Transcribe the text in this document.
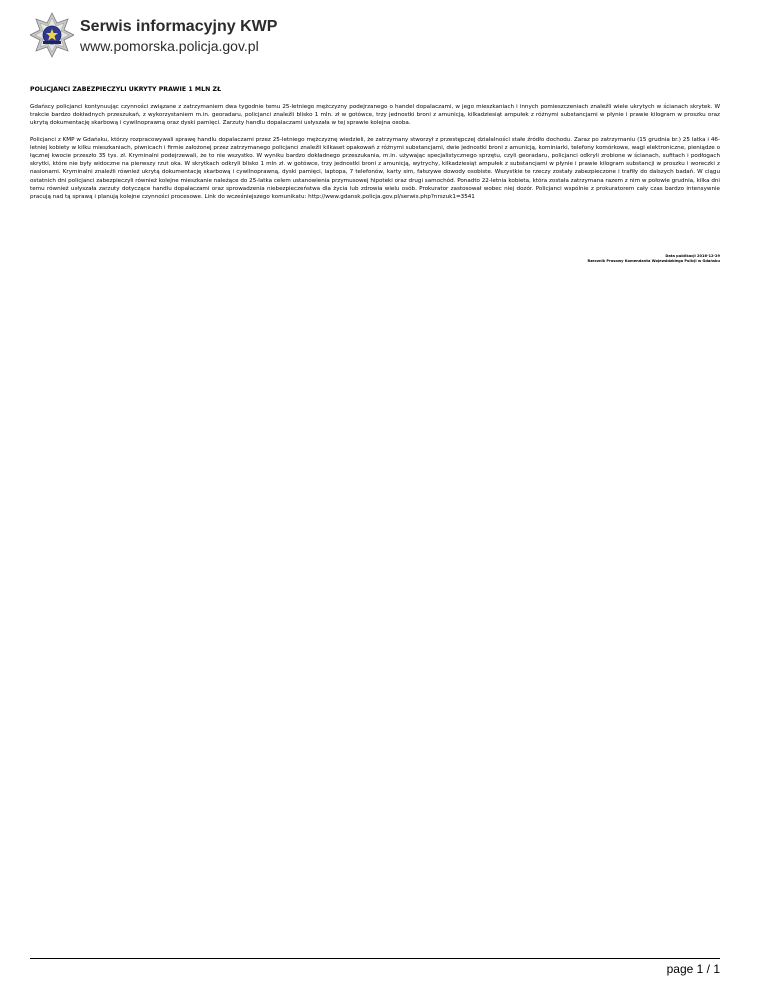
Serwis informacyjny KWP
www.pomorska.policja.gov.pl
POLICJANCI ZABEZPIECZYLI UKRYTY PRAWIE 1 MLN ZŁ

Gdańscy policjanci kontynuując czynności związane z zatrzymaniem dwa tygodnie temu 25-letniego mężczyzny podejrzanego o handel dopalaczami, w jego mieszkaniach i innych pomieszczeniach znaleźli wiele ukrytych w ścianach skrytek. W trakcie bardzo dokładnych przeszukań, z wykorzystaniem m.in. georadaru, policjanci znaleźli blisko 1 mln. zł w gotówce, trzy jednostki broni z amunicją, kilkadziesiąt ampułek z różnymi substancjami w płynie i prawie kilogram w proszku oraz ukrytą dokumentację skarbową i cywilnoprawną oraz dyski pamięci. Zarzuty handlu dopalaczami usłyszała w tej sprawie kolejna osoba.

Policjanci z KMP w Gdańsku, którzy rozpracowywali sprawę handlu dopalaczami przez 25-letniego mężczyznę wiedzieli, że zatrzymany stworzył z przestępczej działalności stałe źródło dochodu. Zaraz po zatrzymaniu (15 grudnia br.) 25 latka i 46-letniej kobiety w kilku mieszkaniach, piwnicach i firmie założonej przez zatrzymanego policjanci znaleźli kilkaset opakowań z różnymi substancjami, dwie jednostki broni z amunicją, kominiarki, telefony komórkowe, wagi elektroniczne, pieniądze o łącznej kwocie przeszło 35 tys. zł. Kryminalni podejrzewali, że to nie wszystko. W wyniku bardzo dokładnego przeszukania, m.in. używając specjalistycznego sprzętu, czyli georadaru, policjanci odkryli zrobione w ścianach, sufitach i podłogach skrytki, które nie były widoczne na pierwszy rzut oka. W skrytkach odkryli blisko 1 mln zł. w gotówce, trzy jednostki broni z amunicją, wytrychy, kilkadziesiąt ampułek z substancjami w płynie i prawie kilogram substancji w proszku i woreczki z nasionami. Kryminalni znaleźli również ukrytą dokumentację skarbową i cywilnoprawną, dyski pamięci, laptopa, 7 telefonów, karty sim, fałszywe dowody osobiste. Wszystkie te rzeczy zostały zabezpieczone i trafiły do dalszych badań. W ciągu ostatnich dni policjanci zabezpieczyli również kolejne mieszkanie należące do 25-latka celem ustanowienia przymusowej hipoteki oraz drugi samochód. Ponadto 22-letnia kobieta, która została zatrzymana razem z nim w połowie grudnia, kilka dni temu również usłyszała zarzuty dotyczące handlu dopalaczami oraz sprowadzenia niebezpieczeństwa dla życia lub zdrowia wielu osób. Prokurator zastosował wobec niej dozór. Policjanci wspólnie z prokuratorem cały czas bardzo intensywnie pracują nad tą sprawą i planują kolejne czynności procesowe. Link do wcześniejszego komunikatu: http://www.gdansk.policja.gov.pl/serwis.php?nrszuk1=3541

Data publikacji 2016-12-29
Rzecznik Prasowy Komendanta Wojewódzkiego Policji w Gdańsku
page 1 / 1
